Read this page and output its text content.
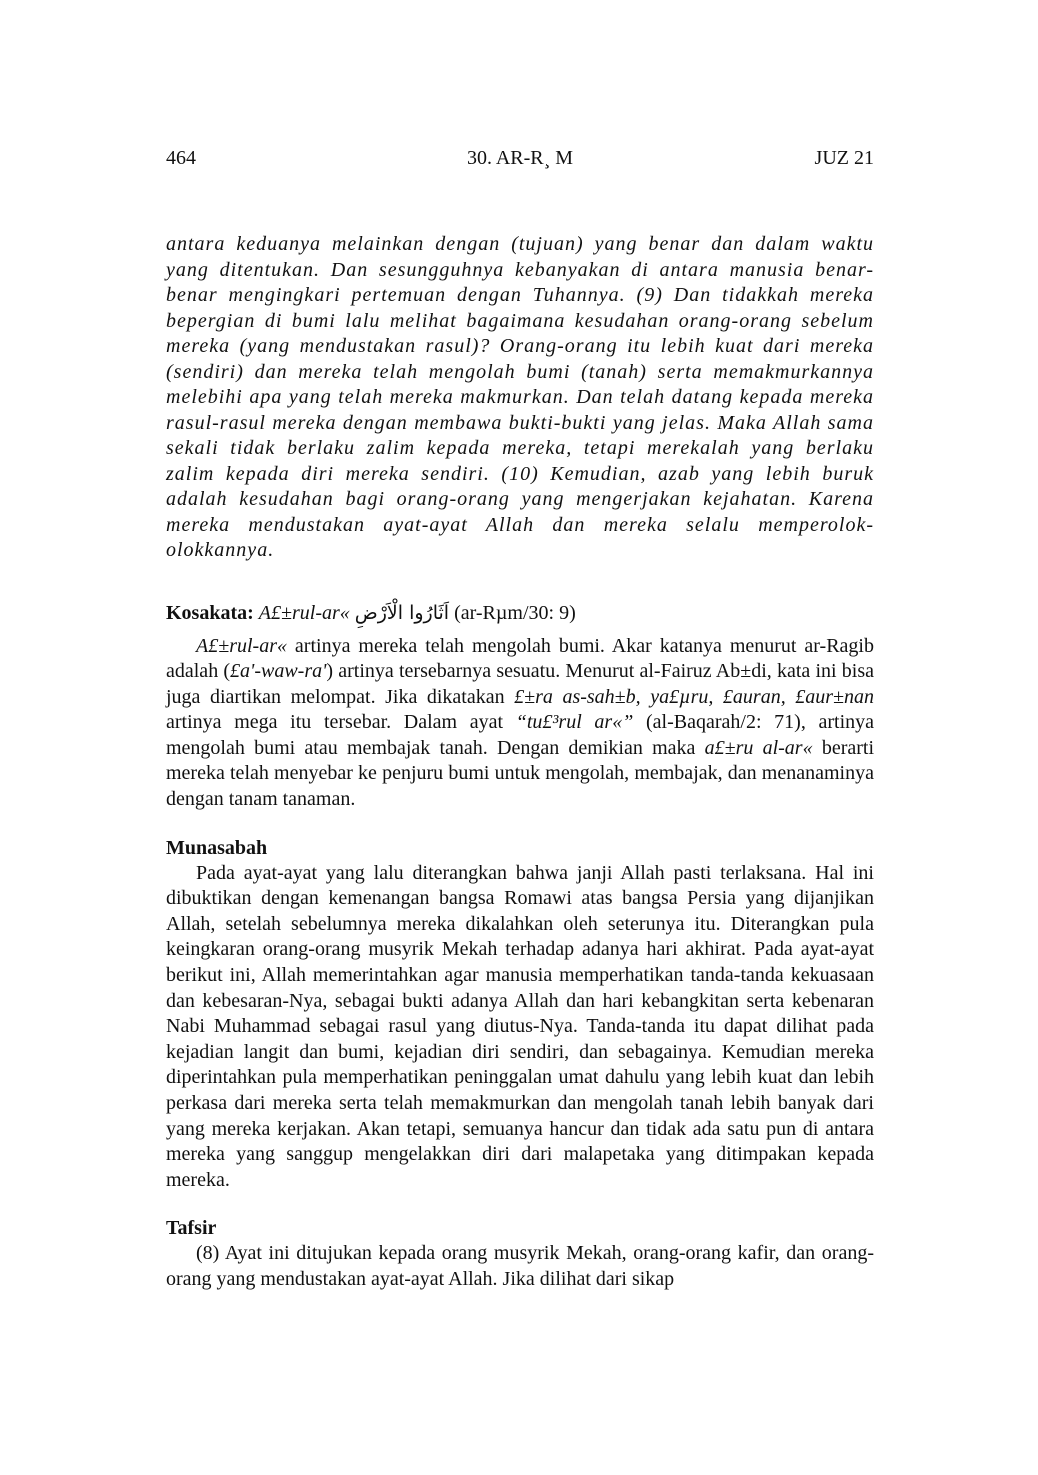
464	30. AR-R¸ M	JUZ 21

antara keduanya melainkan dengan (tujuan) yang benar dan dalam waktu yang ditentukan. Dan sesungguhnya kebanyakan di antara manusia benar-benar mengingkari pertemuan dengan Tuhannya. (9) Dan tidakkah mereka bepergian di bumi lalu melihat bagaimana kesudahan orang-orang sebelum mereka (yang mendustakan rasul)? Orang-orang itu lebih kuat dari mereka (sendiri) dan mereka telah mengolah bumi (tanah) serta memakmurkannya melebihi apa yang telah mereka makmurkan. Dan telah datang kepada mereka rasul-rasul mereka dengan membawa bukti-bukti yang jelas. Maka Allah sama sekali tidak berlaku zalim kepada mereka, tetapi merekalah yang berlaku zalim kepada diri mereka sendiri. (10) Kemudian, azab yang lebih buruk adalah kesudahan bagi orang-orang yang mengerjakan kejahatan. Karena mereka mendustakan ayat-ayat Allah dan mereka selalu memperolok-olokkannya.

Kosakata: A£±rul-ar« اَثَارُوا الْاَرْضِ (ar-Rµm/30: 9)

A£±rul-ar« artinya mereka telah mengolah bumi. Akar katanya menurut ar-Ragib adalah (£a'-waw-ra') artinya tersebarnya sesuatu. Menurut al-Fairuz Ab±di, kata ini bisa juga diartikan melompat. Jika dikatakan £±ra as-sah±b, ya£µru, £auran, £aur±nan artinya mega itu tersebar. Dalam ayat “tu£³rul ar«” (al-Baqarah/2: 71), artinya mengolah bumi atau membajak tanah. Dengan demikian maka a£±ru al-ar« berarti mereka telah menyebar ke penjuru bumi untuk mengolah, membajak, dan menanaminya dengan tanam tanaman.

Munasabah

Pada ayat-ayat yang lalu diterangkan bahwa janji Allah pasti terlaksana. Hal ini dibuktikan dengan kemenangan bangsa Romawi atas bangsa Persia yang dijanjikan Allah, setelah sebelumnya mereka dikalahkan oleh seterunya itu. Diterangkan pula keingkaran orang-orang musyrik Mekah terhadap adanya hari akhirat. Pada ayat-ayat berikut ini, Allah memerintahkan agar manusia memperhatikan tanda-tanda kekuasaan dan kebesaran-Nya, sebagai bukti adanya Allah dan hari kebangkitan serta kebenaran Nabi Muhammad sebagai rasul yang diutus-Nya. Tanda-tanda itu dapat dilihat pada kejadian langit dan bumi, kejadian diri sendiri, dan sebagainya. Kemudian mereka diperintahkan pula memperhatikan peninggalan umat dahulu yang lebih kuat dan lebih perkasa dari mereka serta telah memakmurkan dan mengolah tanah lebih banyak dari yang mereka kerjakan. Akan tetapi, semuanya hancur dan tidak ada satu pun di antara mereka yang sanggup mengelakkan diri dari malapetaka yang ditimpakan kepada mereka.

Tafsir

(8) Ayat ini ditujukan kepada orang musyrik Mekah, orang-orang kafir, dan orang-orang yang mendustakan ayat-ayat Allah. Jika dilihat dari sikap
